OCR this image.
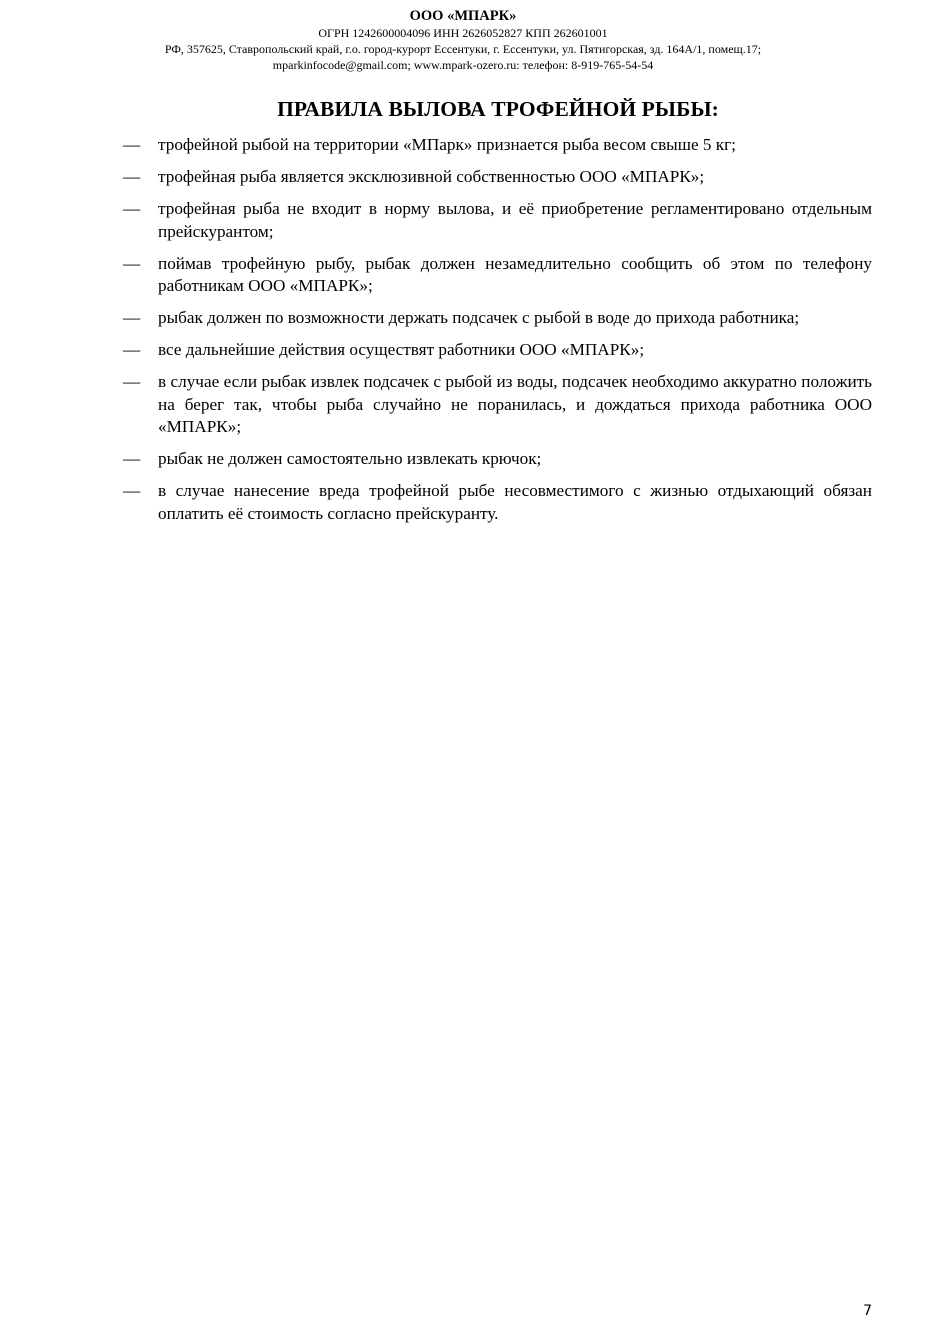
ООО «МПАРК»
ОГРН 1242600004096 ИНН 2626052827 КПП 262601001
РФ, 357625, Ставропольский край, г.о. город-курорт Ессентуки, г. Ессентуки, ул. Пятигорская, зд. 164А/1, помещ.17;
mparkinfocode@gmail.com; www.mpark-ozero.ru: телефон: 8-919-765-54-54
ПРАВИЛА ВЫЛОВА ТРОФЕЙНОЙ РЫБЫ:
—	трофейной рыбой на территории «МПарк» признается рыба весом свыше 5 кг;
—	трофейная рыба является эксклюзивной собственностью ООО «МПАРК»;
—	трофейная рыба не входит в норму вылова, и её приобретение регламентировано отдельным прейскурантом;
—	поймав трофейную рыбу, рыбак должен незамедлительно сообщить об этом по телефону работникам ООО «МПАРК»;
—	рыбак должен по возможности держать подсачек с рыбой в воде до прихода работника;
—	все дальнейшие действия осуществят работники ООО «МПАРК»;
—	в случае если рыбак извлек подсачек с рыбой из воды, подсачек необходимо аккуратно положить на берег так, чтобы рыба случайно не поранилась, и дождаться прихода работника ООО «МПАРК»;
—	рыбак не должен самостоятельно извлекать крючок;
—	в случае нанесение вреда трофейной рыбе несовместимого с жизнью отдыхающий обязан оплатить её стоимость согласно прейскуранту.
7
